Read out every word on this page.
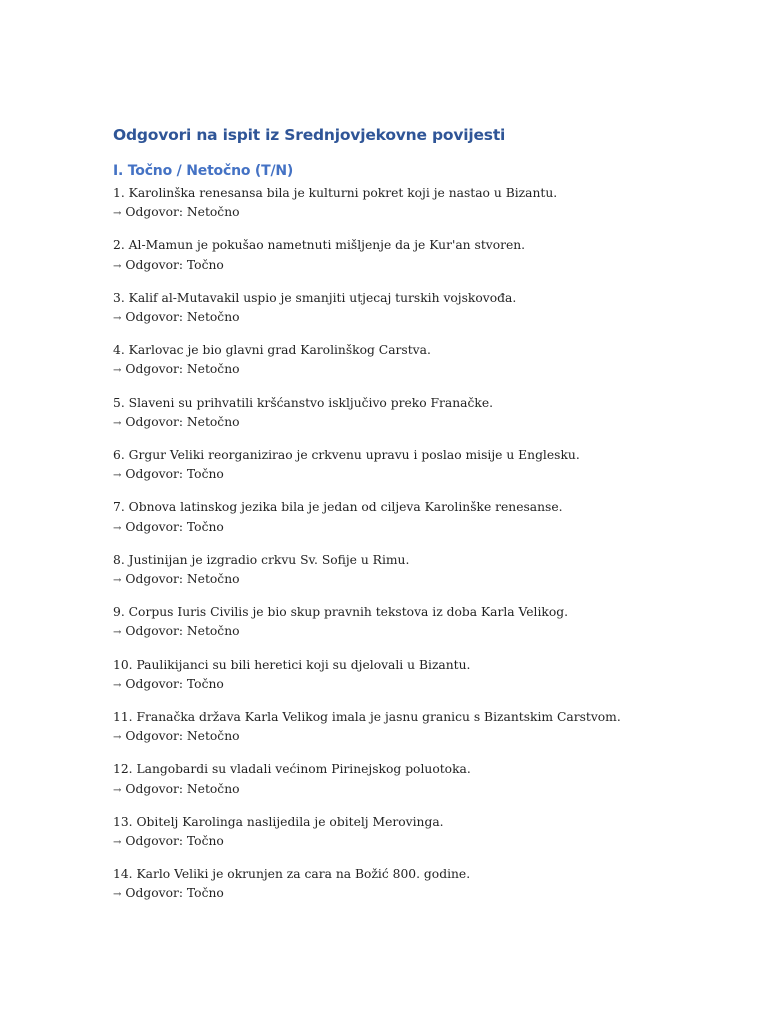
Odgovori na ispit iz Srednjovjekovne povijesti
I. Točno / Netočno (T/N)
1. Karolinška renesansa bila je kulturni pokret koji je nastao u Bizantu.
→ Odgovor: Netočno
2. Al-Mamun je pokušao nametnuti mišljenje da je Kur'an stvoren.
→ Odgovor: Točno
3. Kalif al-Mutavakil uspio je smanjiti utjecaj turskih vojskovođa.
→ Odgovor: Netočno
4. Karlovac je bio glavni grad Karolinškog Carstva.
→ Odgovor: Netočno
5. Slaveni su prihvatili kršćanstvo isključivo preko Franačke.
→ Odgovor: Netočno
6. Grgur Veliki reorganizirao je crkvenu upravu i poslao misije u Englesku.
→ Odgovor: Točno
7. Obnova latinskog jezika bila je jedan od ciljeva Karolinške renesanse.
→ Odgovor: Točno
8. Justinijan je izgradio crkvu Sv. Sofije u Rimu.
→ Odgovor: Netočno
9. Corpus Iuris Civilis je bio skup pravnih tekstova iz doba Karla Velikog.
→ Odgovor: Netočno
10. Paulikijanci su bili heretici koji su djelovali u Bizantu.
→ Odgovor: Točno
11. Franačka država Karla Velikog imala je jasnu granicu s Bizantskim Carstvom.
→ Odgovor: Netočno
12. Langobardi su vladali većinom Pirinejskog poluotoka.
→ Odgovor: Netočno
13. Obitelj Karolinga naslijedila je obitelj Merovinga.
→ Odgovor: Točno
14. Karlo Veliki je okrunjen za cara na Božić 800. godine.
→ Odgovor: Točno
